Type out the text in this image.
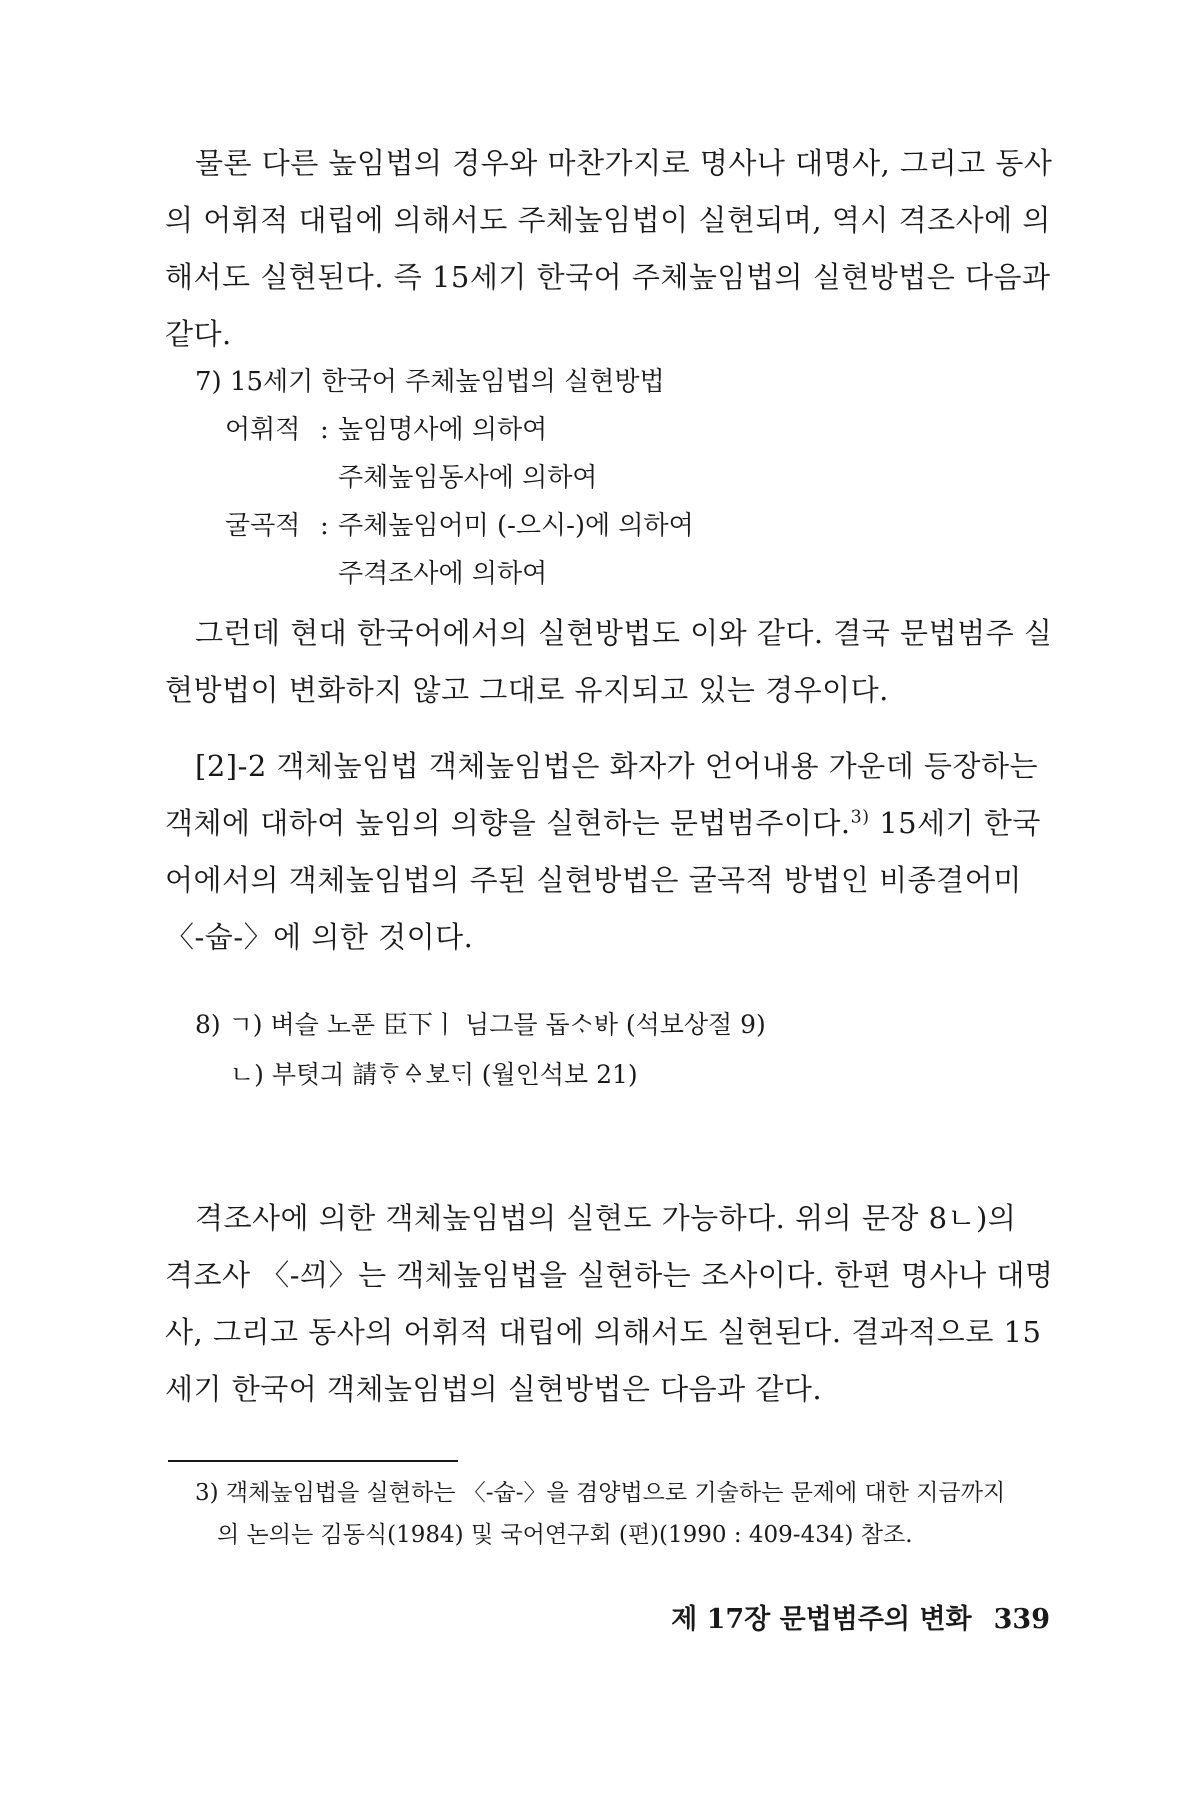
물론 다른 높임법의 경우와 마찬가지로 명사나 대명사, 그리고 동사
의 어휘적 대립에 의해서도 주체높임법이 실현되며, 역시 격조사에 의
해서도 실현된다. 즉 15세기 한국어 주체높임법의 실현방법은 다음과
같다.
7) 15세기 한국어 주체높임법의 실현방법
어휘적 : 높임명사에 의하여
주체높임동사에 의하여
굴곡적 : 주체높임어미 (-으시-)에 의하여
주격조사에 의하여
그런데 현대 한국어에서의 실현방법도 이와 같다. 결국 문법범주 실
현방법이 변화하지 않고 그대로 유지되고 있는 경우이다.
[2]-2 객체높임법 객체높임법은 화자가 언어내용 가운데 등장하는
객체에 대하여 높임의 의향을 실현하는 문법범주이다.$^{3)}$ 15세기 한국
어에서의 객체높임법의 주된 실현방법은 굴곡적 방법인 비종결어미
〈-숩-〉에 의한 것이다.
8) ㄱ) 벼슬 노푼 臣下ㅣ 님그믈 돕ᄉᆞᄫᅡ (석보상절 9)
ㄴ) 부텻긔 請ᄒᆞᅀᆞᄫᅩᄃᆡ (월인석보 21)
격조사에 의한 객체높임법의 실현도 가능하다. 위의 문장 8ㄴ)의
격조사 〈-ᄭᅴ〉는 객체높임법을 실현하는 조사이다. 한편 명사나 대명
사, 그리고 동사의 어휘적 대립에 의해서도 실현된다. 결과적으로 15
세기 한국어 객체높임법의 실현방법은 다음과 같다.
3) 객체높임법을 실현하는 〈-숩-〉을 겸양법으로 기술하는 문제에 대한 지금까지
의 논의는 김동식(1984) 및 국어연구회 (편)(1990 : 409-434) 참조.
제 17장 문법범주의 변화 339
